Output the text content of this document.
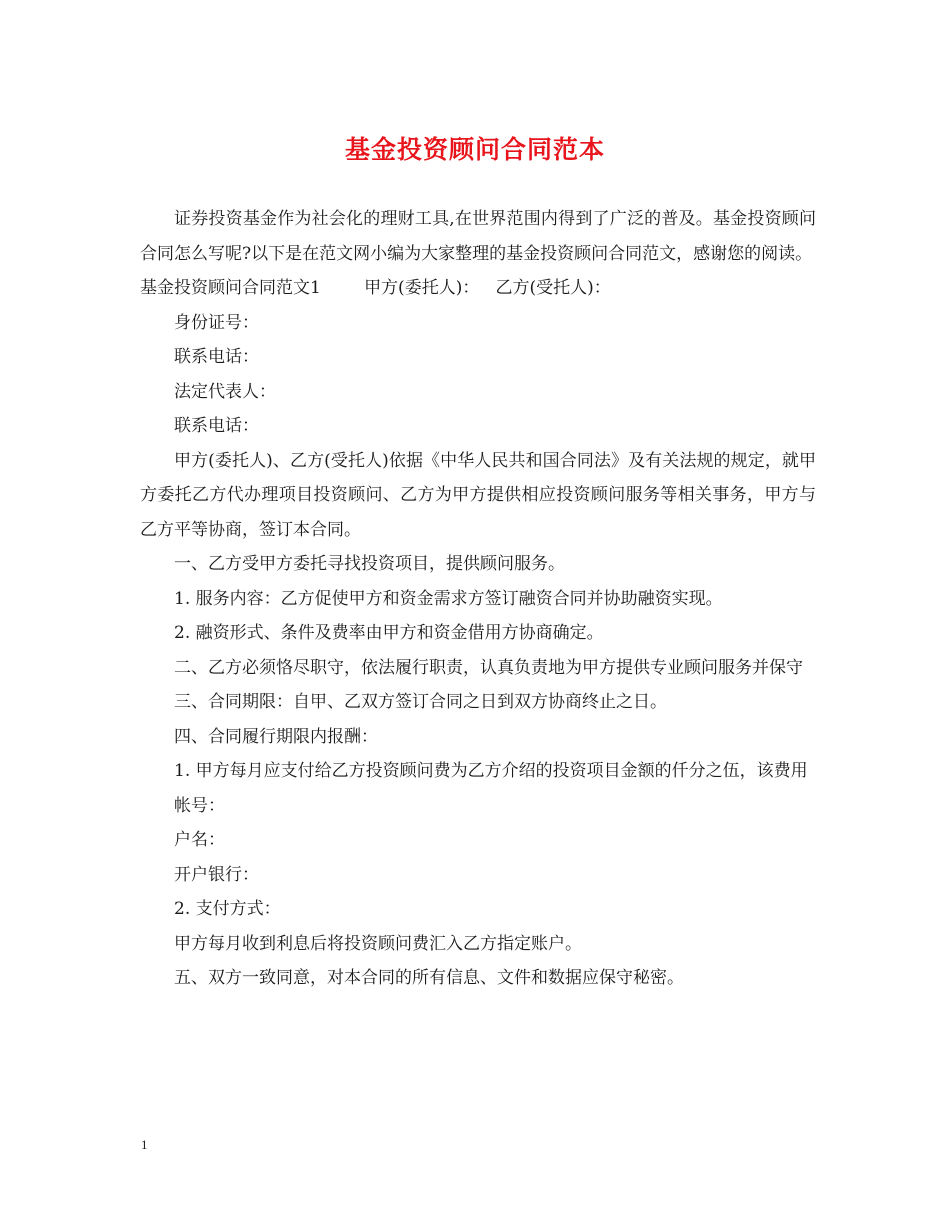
基金投资顾问合同范本

证券投资基金作为社会化的理财工具,在世界范围内得到了广泛的普及。基金投资顾问合同怎么写呢?以下是在范文网小编为大家整理的基金投资顾问合同范文，感谢您的阅读。

基金投资顾问合同范文1	甲方(委托人)： 乙方(受托人)：

身份证号：

联系电话：

法定代表人：

联系电话：

甲方(委托人)、乙方(受托人)依据《中华人民共和国合同法》及有关法规的规定，就甲方委托乙方代办理项目投资顾问、乙方为甲方提供相应投资顾问服务等相关事务，甲方与乙方平等协商，签订本合同。

一、乙方受甲方委托寻找投资项目，提供顾问服务。

1. 服务内容：乙方促使甲方和资金需求方签订融资合同并协助融资实现。

2. 融资形式、条件及费率由甲方和资金借用方协商确定。

二、乙方必须恪尽职守，依法履行职责，认真负责地为甲方提供专业顾问服务并保守

三、合同期限：自甲、乙双方签订合同之日到双方协商终止之日。

四、合同履行期限内报酬：

1. 甲方每月应支付给乙方投资顾问费为乙方介绍的投资项目金额的仟分之伍，该费用

帐号：

户名：

开户银行：

2. 支付方式：

甲方每月收到利息后将投资顾问费汇入乙方指定账户。

五、双方一致同意，对本合同的所有信息、文件和数据应保守秘密。

1
